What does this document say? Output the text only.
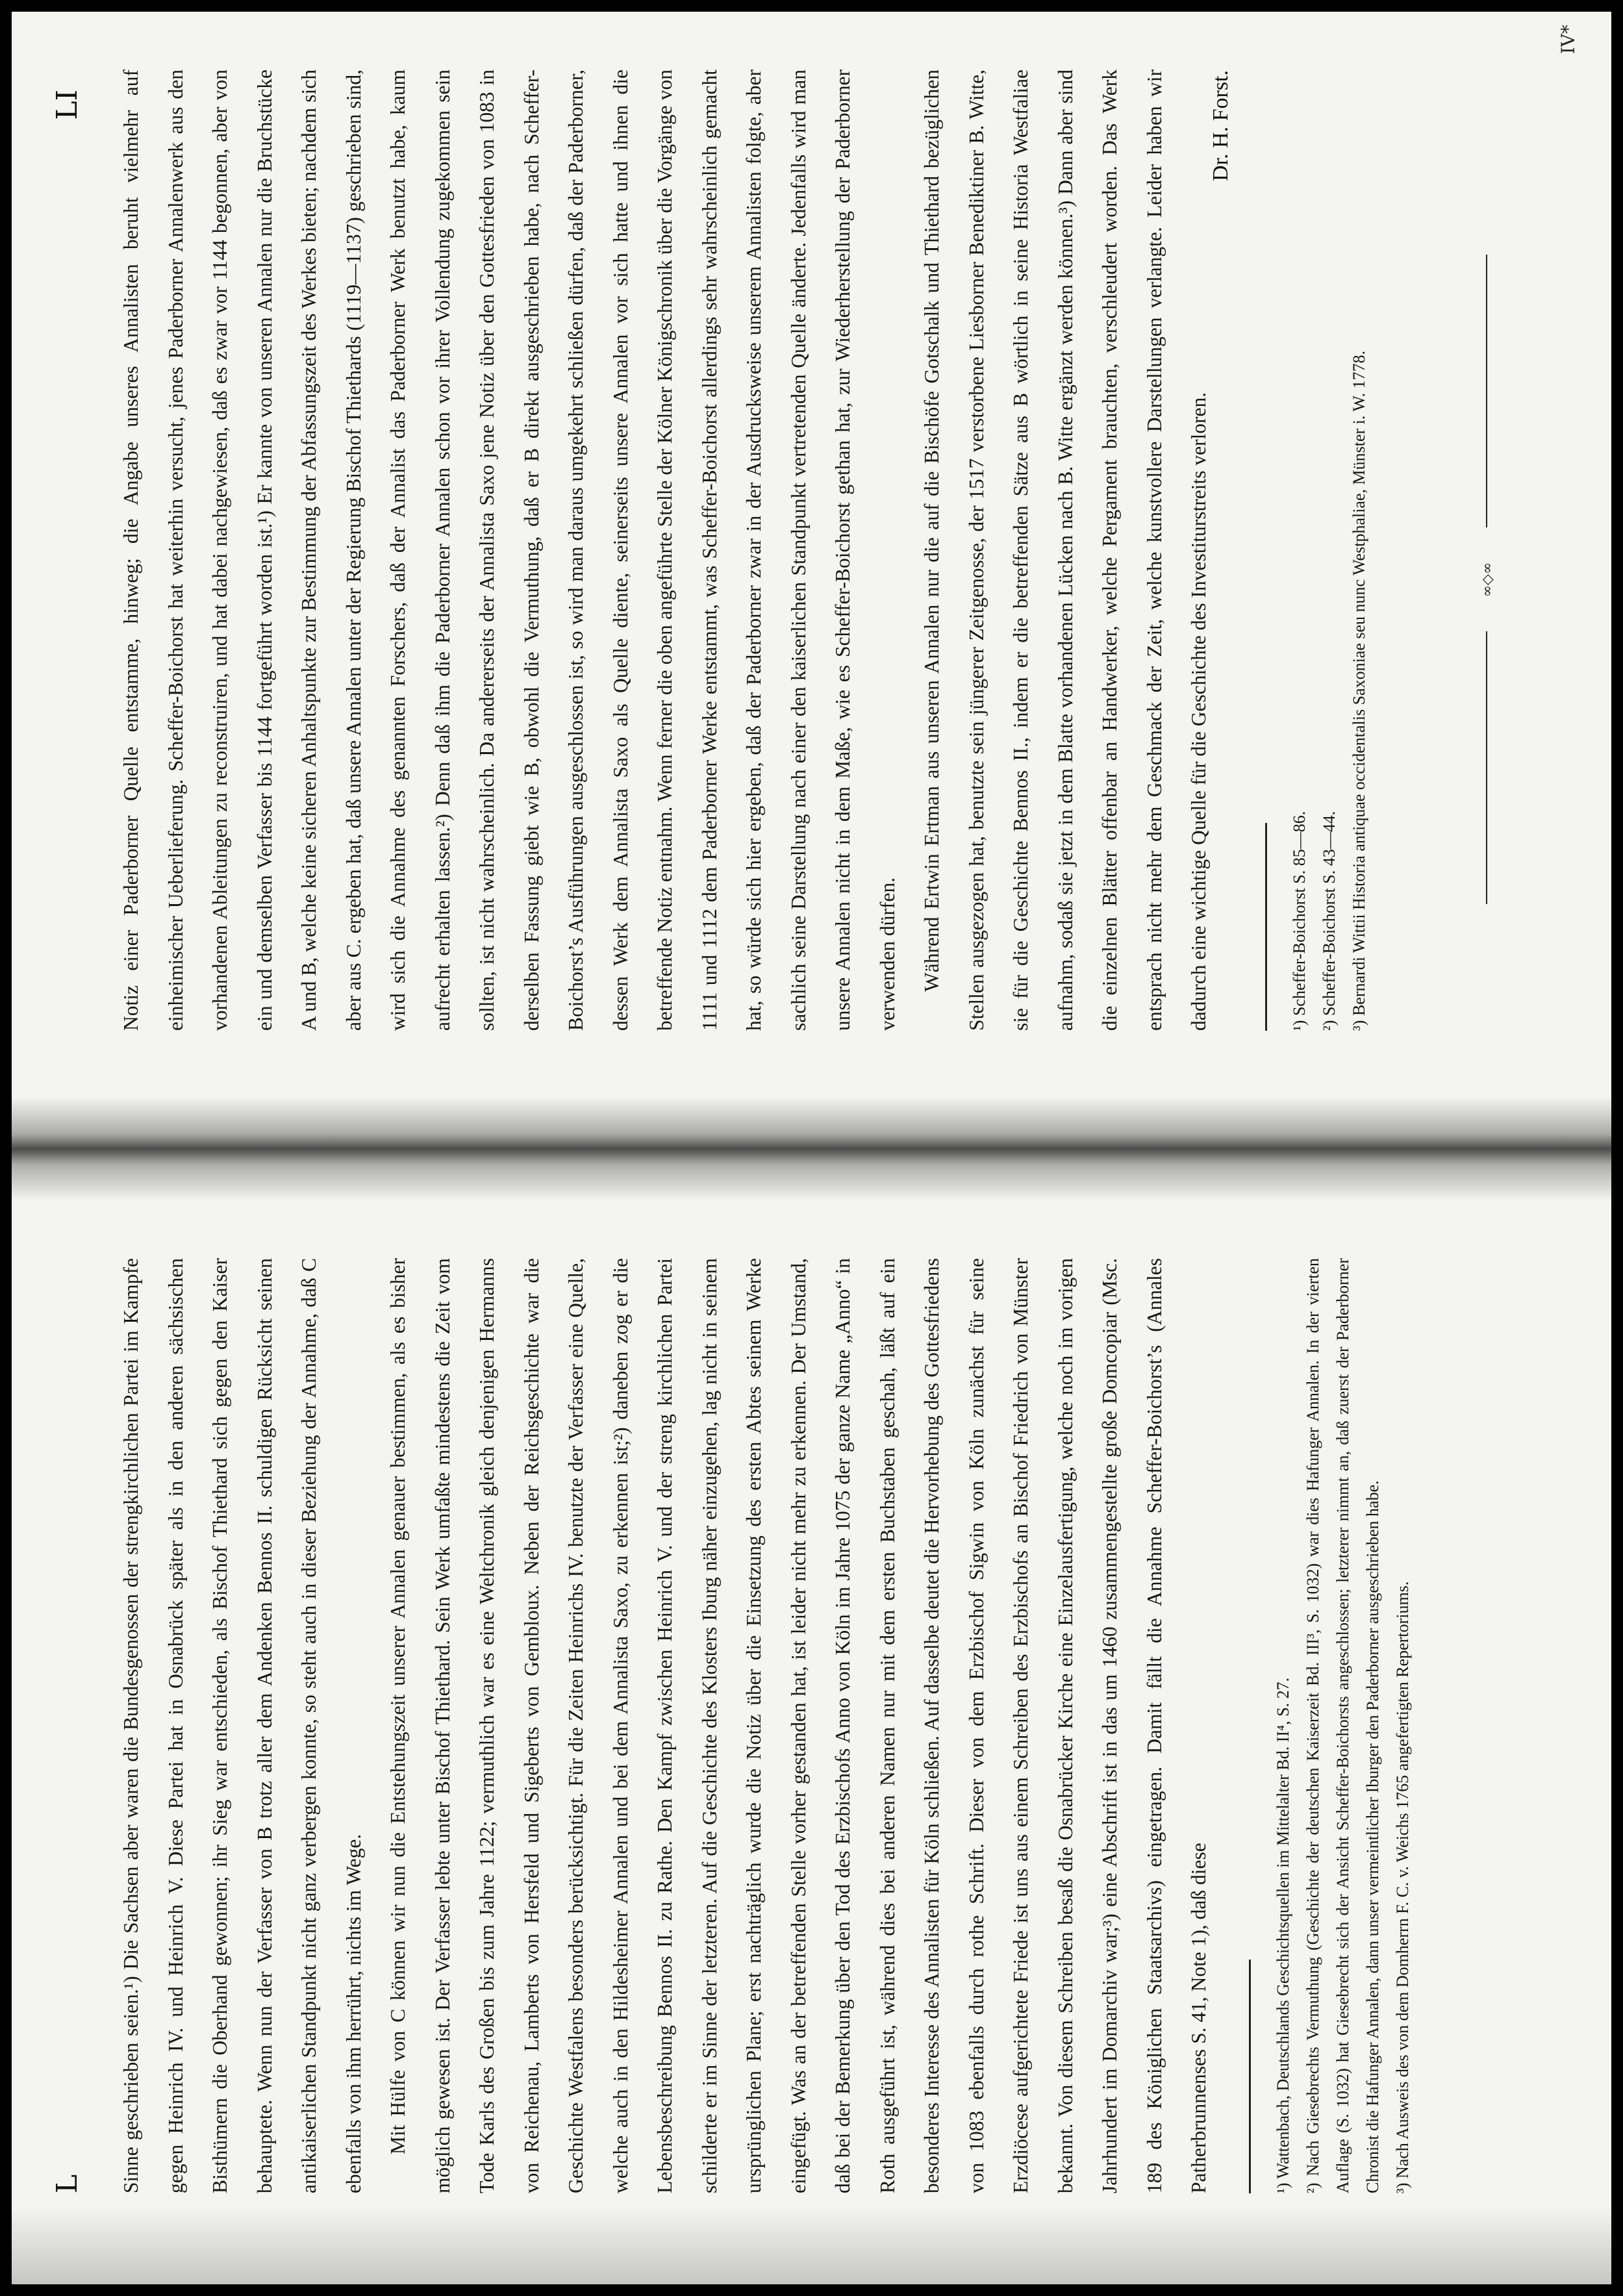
L	Sinne geschrieben seien.¹) Die Sachsen aber waren die Bundesgenossen der strengkirchlichen Partei im Kampfe gegen Heinrich IV. und Heinrich V. Diese Partei hat in Osnabrück später als in den anderen sächsischen Bisthümern die Oberhand gewonnen; ihr Sieg war entschieden, als Bischof Thiethard sich gegen den Kaiser behauptete. Wenn nun der Verfasser von B trotz aller dem Andenken Bennos II. schuldigen Rücksicht seinen antikaiserlichen Standpunkt nicht ganz verbergen konnte, so steht auch in dieser Beziehung der Annahme, daß C ebenfalls von ihm herrührt, nichts im Wege.	Mit Hülfe von C können wir nun die Entstehungszeit unserer Annalen genauer bestimmen, als es bisher möglich gewesen ist. Der Verfasser lebte unter Bischof Thiethard. Sein Werk umfaßte mindestens die Zeit vom Tode Karls des Großen bis zum Jahre 1122; vermuthlich war es eine Weltchronik gleich denjenigen Hermanns von Reichenau, Lamberts von Hersfeld und Sigeberts von Gembloux. Neben der Reichsgeschichte war die Geschichte Westfalens besonders berücksichtigt. Für die Zeiten Heinrichs IV. benutzte der Verfasser eine Quelle, welche auch in den Hildesheimer Annalen und bei dem Annalista Saxo, zu erkennen ist;²) daneben zog er die Lebensbeschreibung Bennos II. zu Rathe. Den Kampf zwischen Heinrich V. und der streng kirchlichen Partei schilderte er im Sinne der letzteren. Auf die Geschichte des Klosters Iburg näher einzugehen, lag nicht in seinem ursprünglichen Plane; erst nachträglich wurde die Notiz über die Einsetzung des ersten Abtes seinem Werke eingefügt. Was an der betreffenden Stelle vorher gestanden hat, ist leider nicht mehr zu erkennen. Der Umstand, daß bei der Bemerkung über den Tod des Erzbischofs Anno von Köln im Jahre 1075 der ganze Name „Anno“ in Roth ausgeführt ist, während dies bei anderen Namen nur mit dem ersten Buchstaben geschah, läßt auf ein besonderes Interesse des Annalisten für Köln schließen. Auf dasselbe deutet die Hervorhebung des Gottesfriedens von 1083 ebenfalls durch rothe Schrift. Dieser von dem Erzbischof Sigwin von Köln zunächst für seine Erzdiöcese aufgerichtete Friede ist uns aus einem Schreiben des Erzbischofs an Bischof Friedrich von Münster bekannt. Von diesem Schreiben besaß die Osnabrücker Kirche eine Einzelausfertigung, welche noch im vorigen Jahrhundert im Domarchiv war;³) eine Abschrift ist in das um 1460 zusammengestellte große Domcopiar (Msc. 189 des Königlichen Staatsarchivs) eingetragen. Damit fällt die Annahme Scheffer-Boichorst’s (Annales Patherbrunnenses S. 41, Note 1), daß diese	¹) Wattenbach, Deutschlands Geschichtsquellen im Mittelalter Bd. II⁴, S. 27. ²) Nach Giesebrechts Vermuthung (Geschichte der deutschen Kaiserzeit Bd. III³, S. 1032) war dies Hafunger Annalen. In der vierten Auflage (S. 1032) hat Giesebrecht sich der Ansicht Scheffer-Boichorsts angeschlossen; letzterer nimmt an, daß zuerst der Paderborner Chronist die Hafunger Annalen, dann unser vermeintlicher Iburger den Paderborner ausgeschrieben habe. ³) Nach Ausweis des von dem Domherrn F. C. v. Weichs 1765 angefertigten Repertoriums.
LI	Notiz einer Paderborner Quelle entstamme, hinweg; die Angabe unseres Annalisten beruht vielmehr auf einheimischer Ueberlieferung. Scheffer-Boichorst hat weiterhin versucht, jenes Paderborner Annalenwerk aus den vorhandenen Ableitungen zu reconstruiren, und hat dabei nachgewiesen, daß es zwar vor 1144 begonnen, aber von ein und demselben Verfasser bis 1144 fortgeführt worden ist.¹) Er kannte von unseren Annalen nur die Bruchstücke A und B, welche keine sicheren Anhaltspunkte zur Bestimmung der Abfassungszeit des Werkes bieten; nachdem sich aber aus C. ergeben hat, daß unsere Annalen unter der Regierung Bischof Thiethards (1119—1137) geschrieben sind, wird sich die Annahme des genannten Forschers, daß der Annalist das Paderborner Werk benutzt habe, kaum aufrecht erhalten lassen.²) Denn daß ihm die Paderborner Annalen schon vor ihrer Vollendung zugekommen sein sollten, ist nicht wahrscheinlich. Da andererseits der Annalista Saxo jene Notiz über den Gottesfrieden von 1083 in derselben Fassung giebt wie B, obwohl die Vermuthung, daß er B direkt ausgeschrieben habe, nach Scheffer-Boichorst’s Ausführungen ausgeschlossen ist, so wird man daraus umgekehrt schließen dürfen, daß der Paderborner, dessen Werk dem Annalista Saxo als Quelle diente, seinerseits unsere Annalen vor sich hatte und ihnen die betreffende Notiz entnahm. Wenn ferner die oben angeführte Stelle der Kölner Königschronik über die Vorgänge von 1111 und 1112 dem Paderborner Werke entstammt, was Scheffer-Boichorst allerdings sehr wahrscheinlich gemacht hat, so würde sich hier ergeben, daß der Paderborner zwar in der Ausdrucksweise unserem Annalisten folgte, aber sachlich seine Darstellung nach einer den kaiserlichen Standpunkt vertretenden Quelle änderte. Jedenfalls wird man unsere Annalen nicht in dem Maße, wie es Scheffer-Boichorst gethan hat, zur Wiederherstellung der Paderborner verwenden dürfen.	Während Ertwin Ertman aus unseren Annalen nur die auf die Bischöfe Gotschalk und Thiethard bezüglichen Stellen ausgezogen hat, benutzte sein jüngerer Zeitgenosse, der 1517 verstorbene Liesborner Benediktiner B. Witte, sie für die Geschichte Bennos II., indem er die betreffenden Sätze aus B wörtlich in seine Historia Westfaliae aufnahm, sodaß sie jetzt in dem Blatte vorhandenen Lücken nach B. Witte ergänzt werden können.³) Dann aber sind die einzelnen Blätter offenbar an Handwerker, welche Pergament brauchten, verschleudert worden. Das Werk entsprach nicht mehr dem Geschmack der Zeit, welche kunstvollere Darstellungen verlangte. Leider haben wir dadurch eine wichtige Quelle für die Geschichte des Investiturstreits verloren.

Dr. H. Forst.
¹) Scheffer-Boichorst S. 85—86. ²) Scheffer-Boichorst S. 43—44. ³) Bernardi Wittii Historia antiquae occidentalis Saxoniae seu nunc Westphaliae, Münster i. W. 1778.	∞◇∞
IV*
